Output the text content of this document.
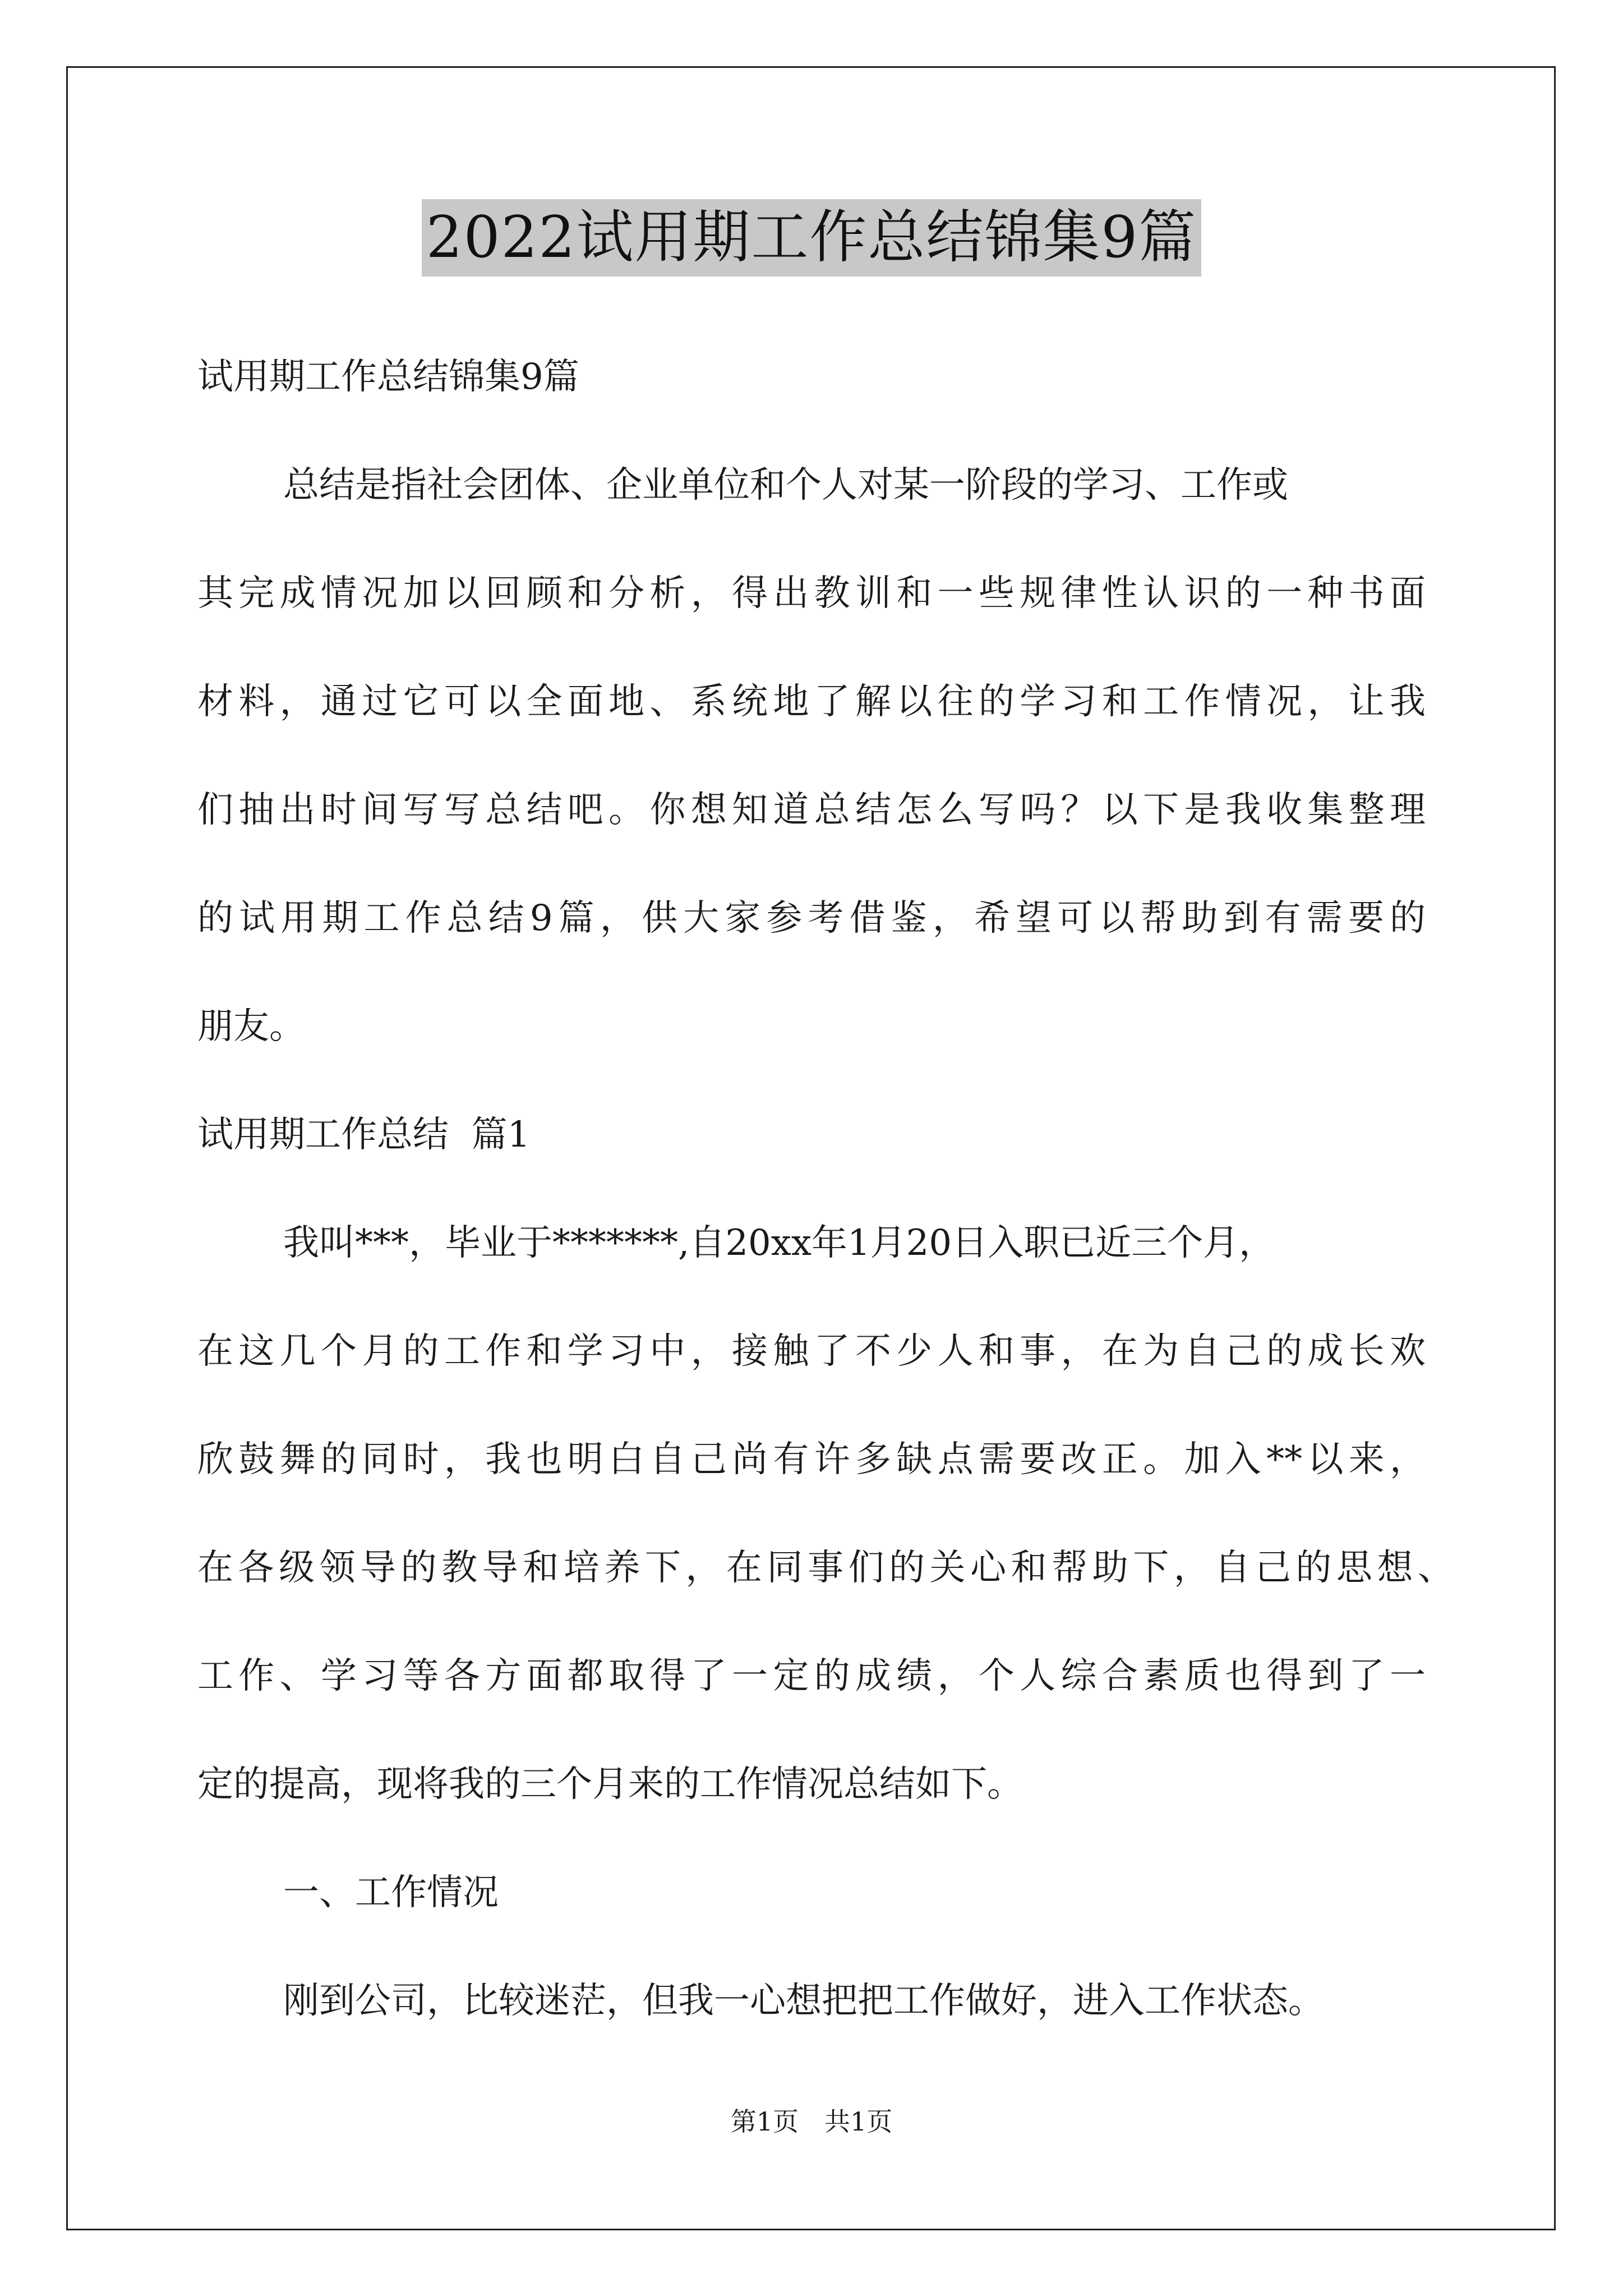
2022试用期工作总结锦集9篇
试用期工作总结锦集9篇
总结是指社会团体、企业单位和个人对某一阶段的学习、工作或
其完成情况加以回顾和分析，得出教训和一些规律性认识的一种书面
材料，通过它可以全面地、系统地了解以往的学习和工作情况，让我
们抽出时间写写总结吧。你想知道总结怎么写吗？以下是我收集整理
的试用期工作总结9篇，供大家参考借鉴，希望可以帮助到有需要的
朋友。
试用期工作总结  篇1
我叫***，毕业于*******,自20xx年1月20日入职已近三个月，
在这几个月的工作和学习中，接触了不少人和事，在为自己的成长欢
欣鼓舞的同时，我也明白自己尚有许多缺点需要改正。加入**以来，
在各级领导的教导和培养下，在同事们的关心和帮助下，自己的思想、
工作、学习等各方面都取得了一定的成绩，个人综合素质也得到了一
定的提高，现将我的三个月来的工作情况总结如下。
一、工作情况
刚到公司，比较迷茫，但我一心想把把工作做好，进入工作状态。
第1页　共1页
